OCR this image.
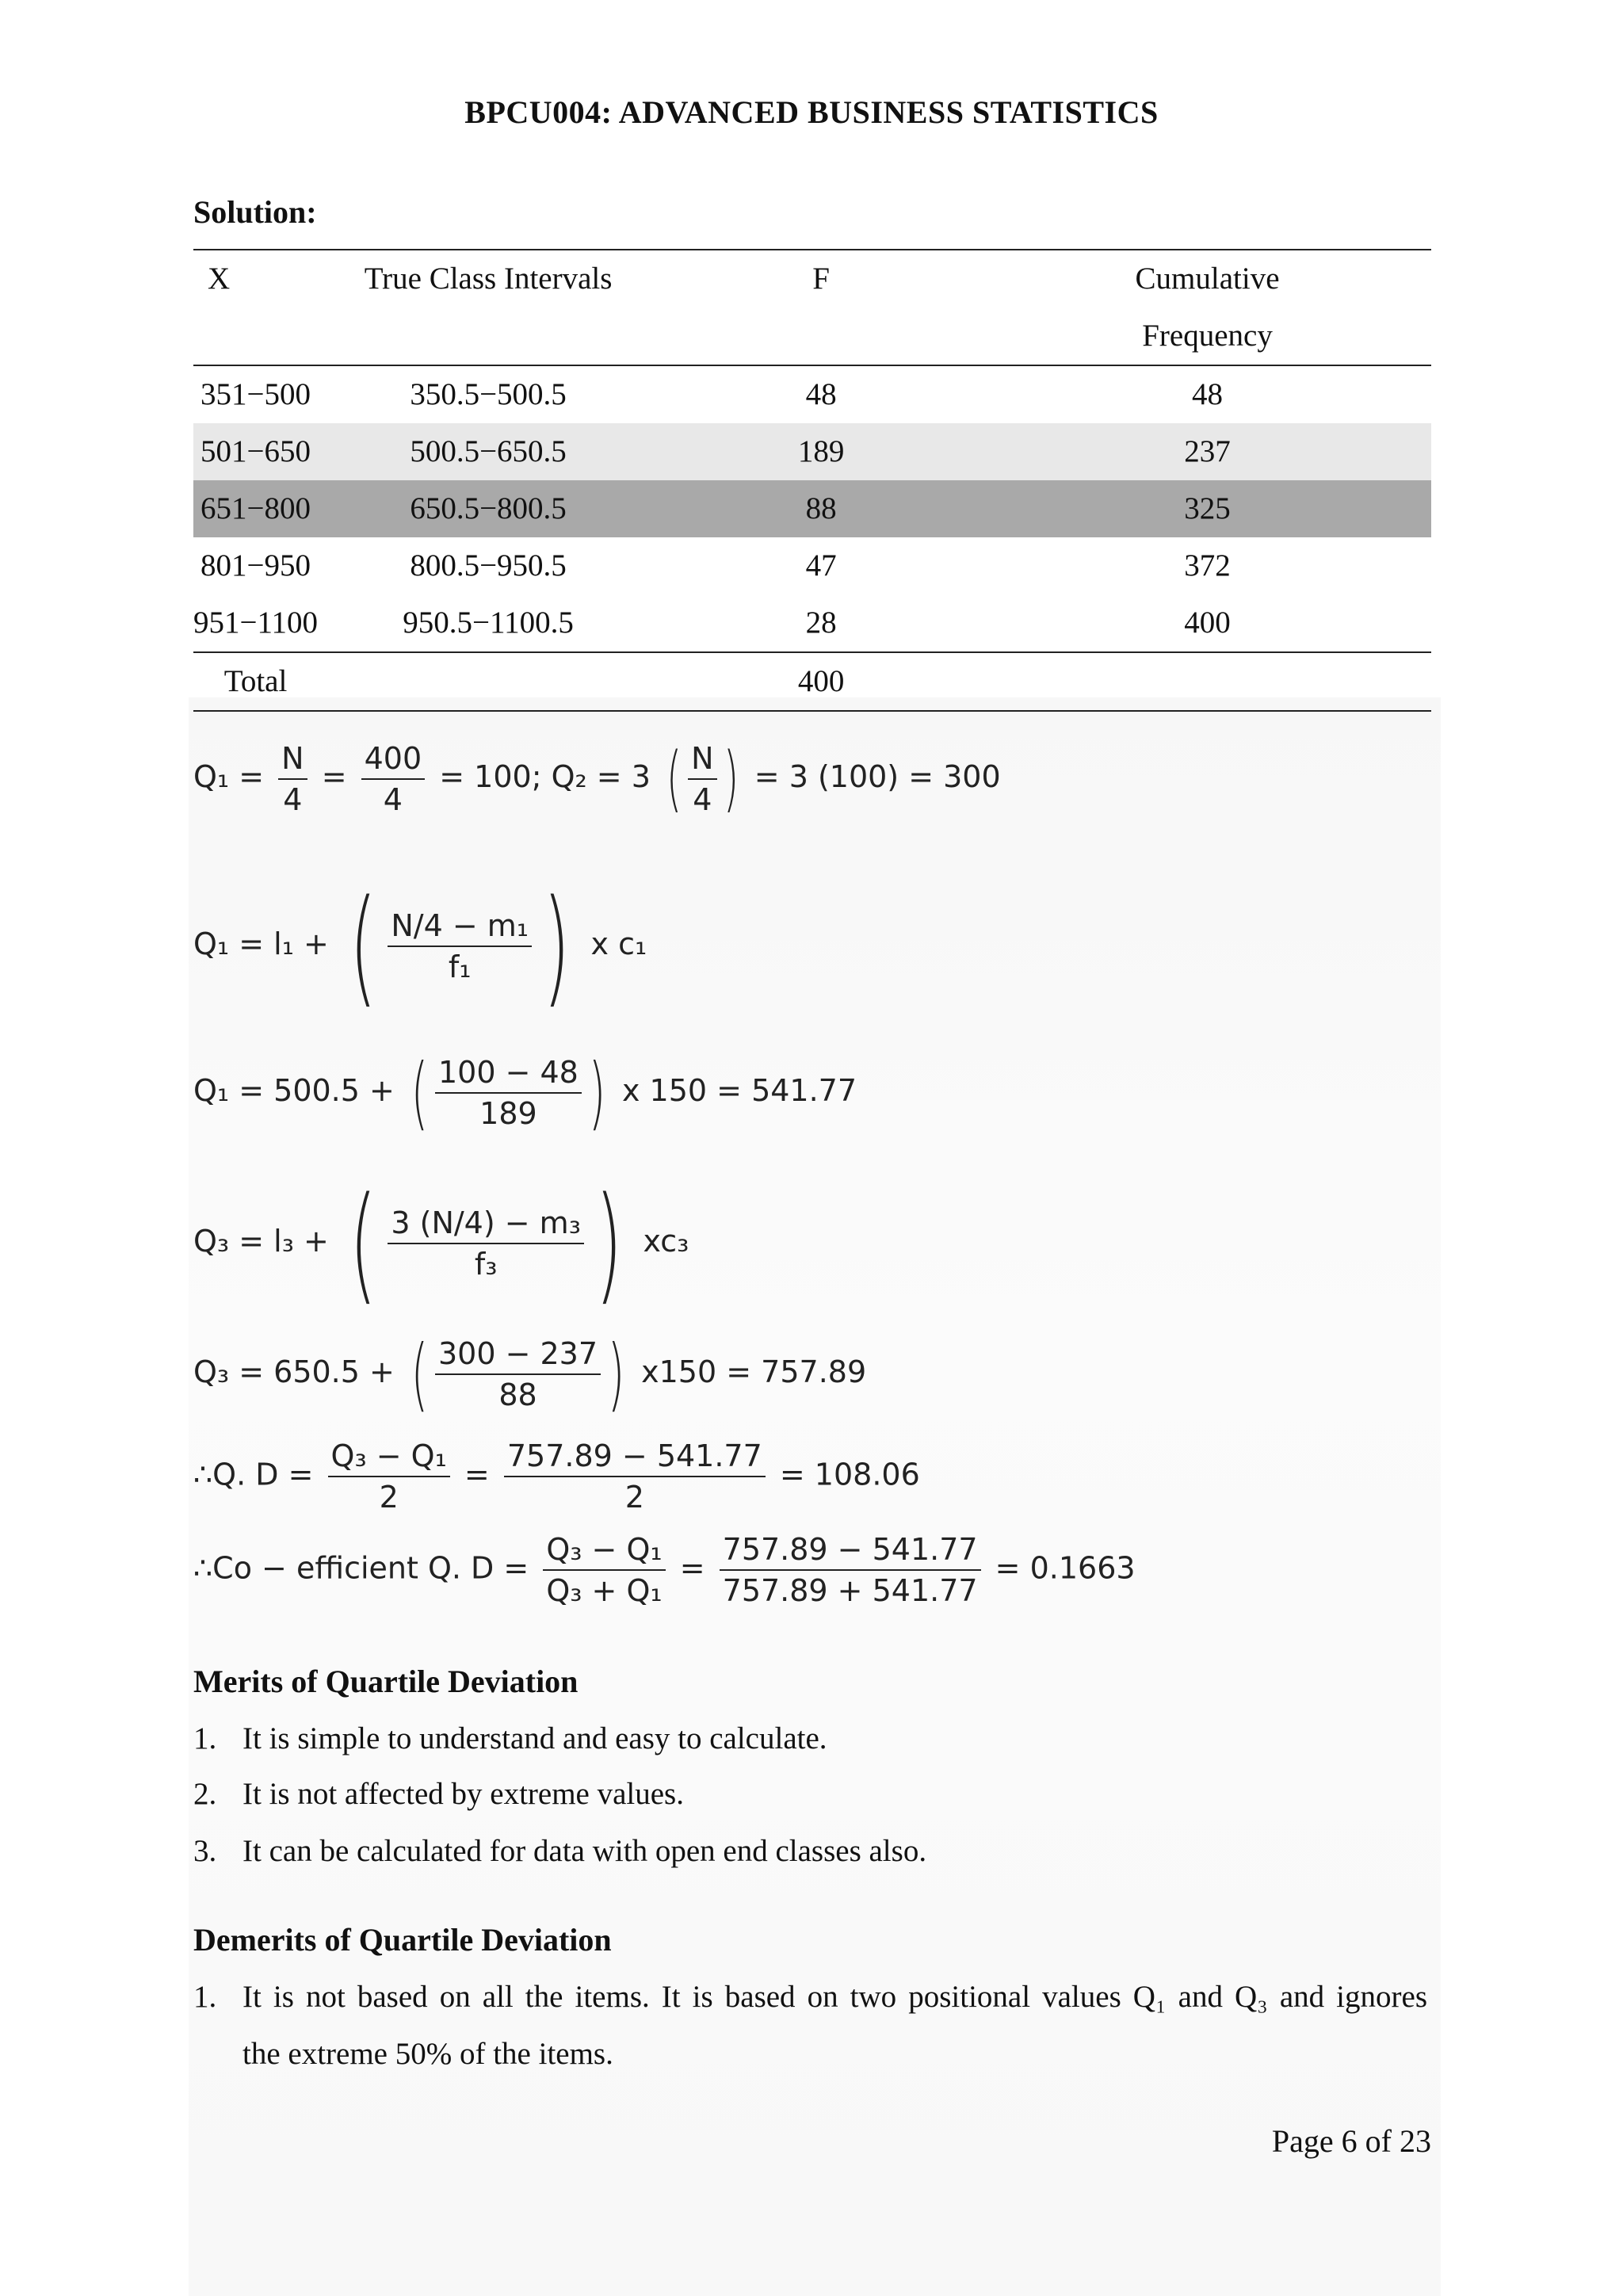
BPCU004: ADVANCED BUSINESS STATISTICS
Solution:
X	True Class Intervals	F	Cumulative
Frequency

351−500	350.5−500.5	48	48
501−650	500.5−650.5	189	237
651−800	650.5−800.5	88	325
801−950	800.5−950.5	47	372
951−1100	950.5−1100.5	28	400
Total		400	
$Q_1 = \frac{N}{4} = \frac{400}{4} = 100$; Q₂ = 3 ( $\frac{N}{4}$ ) = 3 (100) = 300
Q₁ = l₁ + ( $\frac{\text{N/4 − m₁}}{\text{f₁}}$ ) x c₁
Q₁ = 500.5 + ( $\frac{100 - 48}{189}$ ) x 150 = 541.77
Q₃ = l₃ + ( $\frac{\text{3 (N/4) − m₃}}{\text{f₃}}$ ) xc₃
Q₃ = 650.5 + ( $\frac{300 - 237}{88}$ ) x150 = 757.89
∴Q. $D = \frac{\text{Q₃ − Q₁}}{2} = \frac{757.89 - 541.77}{2} = 108.06$
∴Co − efficient Q. $D = \frac{\text{Q₃ − Q₁}}{\text{Q₃ + Q₁}} = \frac{757.89 - 541.77}{757.89 + 541.77} = 0.1663$
Merits of Quartile Deviation
1. It is simple to understand and easy to calculate.
2. It is not affected by extreme values.
3. It can be calculated for data with open end classes also.
Demerits of Quartile Deviation
1. It is not based on all the items. It is based on two positional values Q₁ and Q₃ and ignores
the extreme 50% of the items.
Page 6 of 23
